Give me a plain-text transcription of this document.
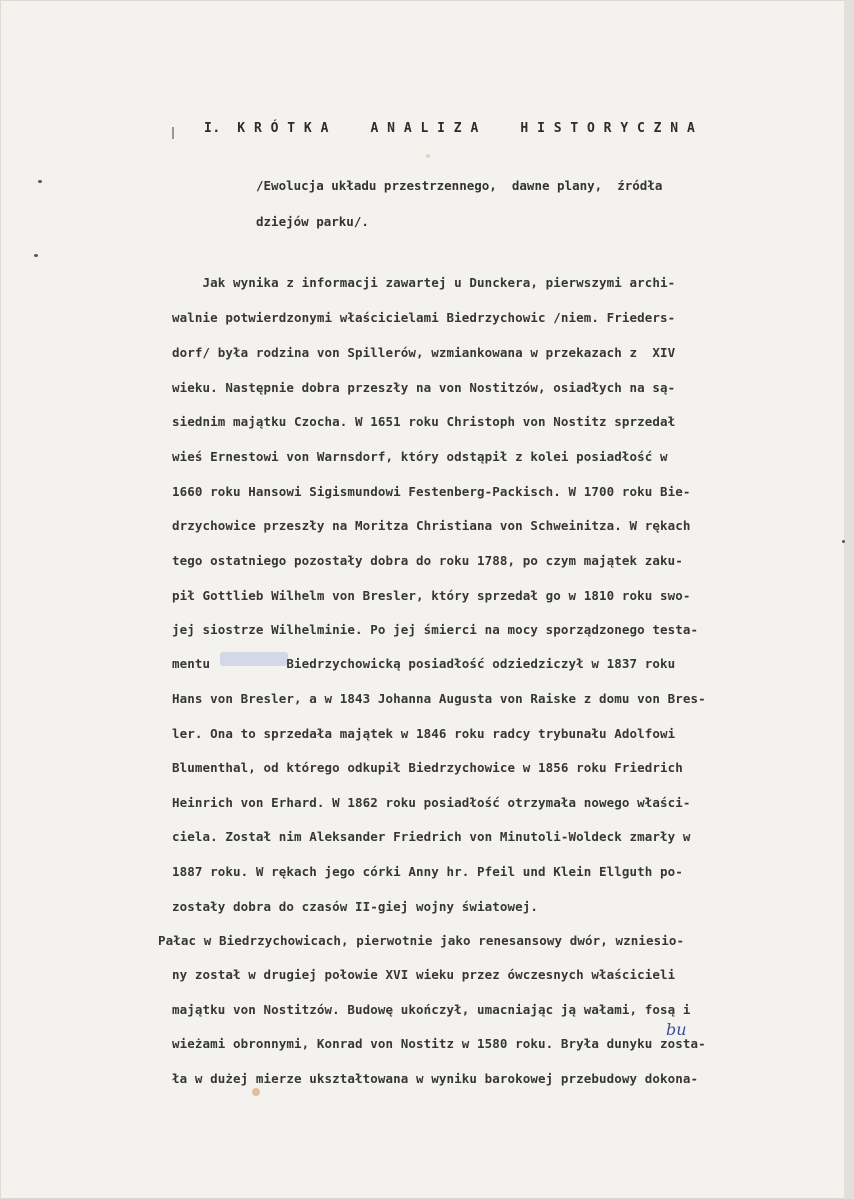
I.  K R Ó T K A     A N A L I Z A     H I S T O R Y C Z N A
/Ewolucja układu przestrzennego,  dawne plany,  źródła
dziejów parku/.
Jak wynika z informacji zawartej u Dunckera, pierwszymi archi-
walnie potwierdzonymi właścicielami Biedrzychowic /niem. Frieders-
dorf/ była rodzina von Spillerów, wzmiankowana w przekazach z  XIV
wieku. Następnie dobra przeszły na von Nostitzów, osiadłych na są-
siednim majątku Czocha. W 1651 roku Christoph von Nostitz sprzedał
wieś Ernestowi von Warnsdorf, który odstąpił z kolei posiadłość w
1660 roku Hansowi Sigismundowi Festenberg-Packisch. W 1700 roku Bie-
drzychowice przeszły na Moritza Christiana von Schweinitza. W rękach
tego ostatniego pozostały dobra do roku 1788, po czym majątek zaku-
pił Gottlieb Wilhelm von Bresler, który sprzedał go w 1810 roku swo-
jej siostrze Wilhelminie. Po jej śmierci na mocy sporządzonego testa-
mentu          Biedrzychowicką posiadłość odziedziczył w 1837 roku
Hans von Bresler, a w 1843 Johanna Augusta von Raiske z domu von Bres-
ler. Ona to sprzedała majątek w 1846 roku radcy trybunału Adolfowi
Blumenthal, od którego odkupił Biedrzychowice w 1856 roku Friedrich
Heinrich von Erhard. W 1862 roku posiadłość otrzymała nowego właści-
ciela. Został nim Aleksander Friedrich von Minutoli-Woldeck zmarły w
1887 roku. W rękach jego córki Anny hr. Pfeil und Klein Ellguth po-
zostały dobra do czasów II-giej wojny światowej.
Pałac w Biedrzychowicach, pierwotnie jako renesansowy dwór, wzniesio-
ny został w drugiej połowie XVI wieku przez ówczesnych właścicieli
majątku von Nostitzów. Budowę ukończył, umacniając ją wałami, fosą i
wieżami obronnymi, Konrad von Nostitz w 1580 roku. Bryła dunyku zosta-
ła w dużej mierze ukształtowana w wyniku barokowej przebudowy dokona-
bu
